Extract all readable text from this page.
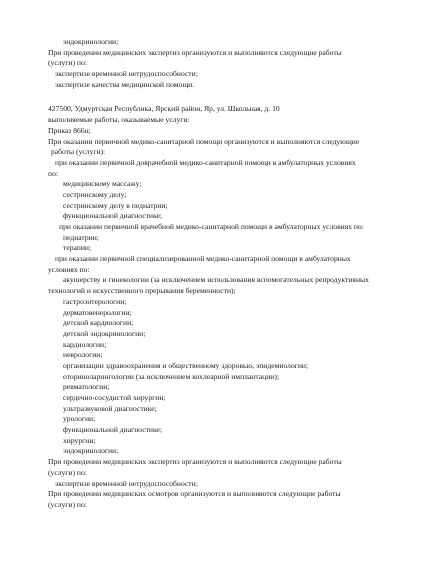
эндокринологии;
При проведении медицинских экспертиз организуются и выполняются следующие работы
(услуги) по:
экспертизе временной нетрудоспособности;
экспертизе качества медицинской помощи.
427500, Удмуртская Республика, Ярский район, Яр, ул. Школьная, д. 10
выполняемые работы, оказываемые услуги:
Приказ 866н;
При оказании первичной медико-санитарной помощи организуются и выполняются следующие
работы (услуги):
при оказании первичной доврачебной медико-санитарной помощи в амбулаторных условиях
по:
медицинскому массажу;
сестринскому делу;
сестринскому делу в педиатрии;
функциональной диагностике;
при оказании первичной врачебной медико-санитарной помощи в амбулаторных условиях по:
педиатрии;
терапии;
при оказании первичной специализированной медико-санитарной помощи в амбулаторных
условиях по:
акушерству и гинекологии (за исключением использования вспомогательных репродуктивных
технологий и искусственного прерывания беременности);
гастроэнтерологии;
дерматовенерологии;
детской кардиологии;
детской эндокринологии;
кардиологии;
неврологии;
организации здравоохранения и общественному здоровью, эпидемиологии;
оториноларингологии (за исключением кохлеарной имплантации);
ревматологии;
сердечно-сосудистой хирургии;
ультразвуковой диагностике;
урологии;
функциональной диагностике;
хирургии;
эндокринологии;
При проведении медицинских экспертиз организуются и выполняются следующие работы
(услуги) по:
экспертизе временной нетрудоспособности;
При проведении медицинских осмотров организуются и выполняются следующие работы
(услуги) по:
